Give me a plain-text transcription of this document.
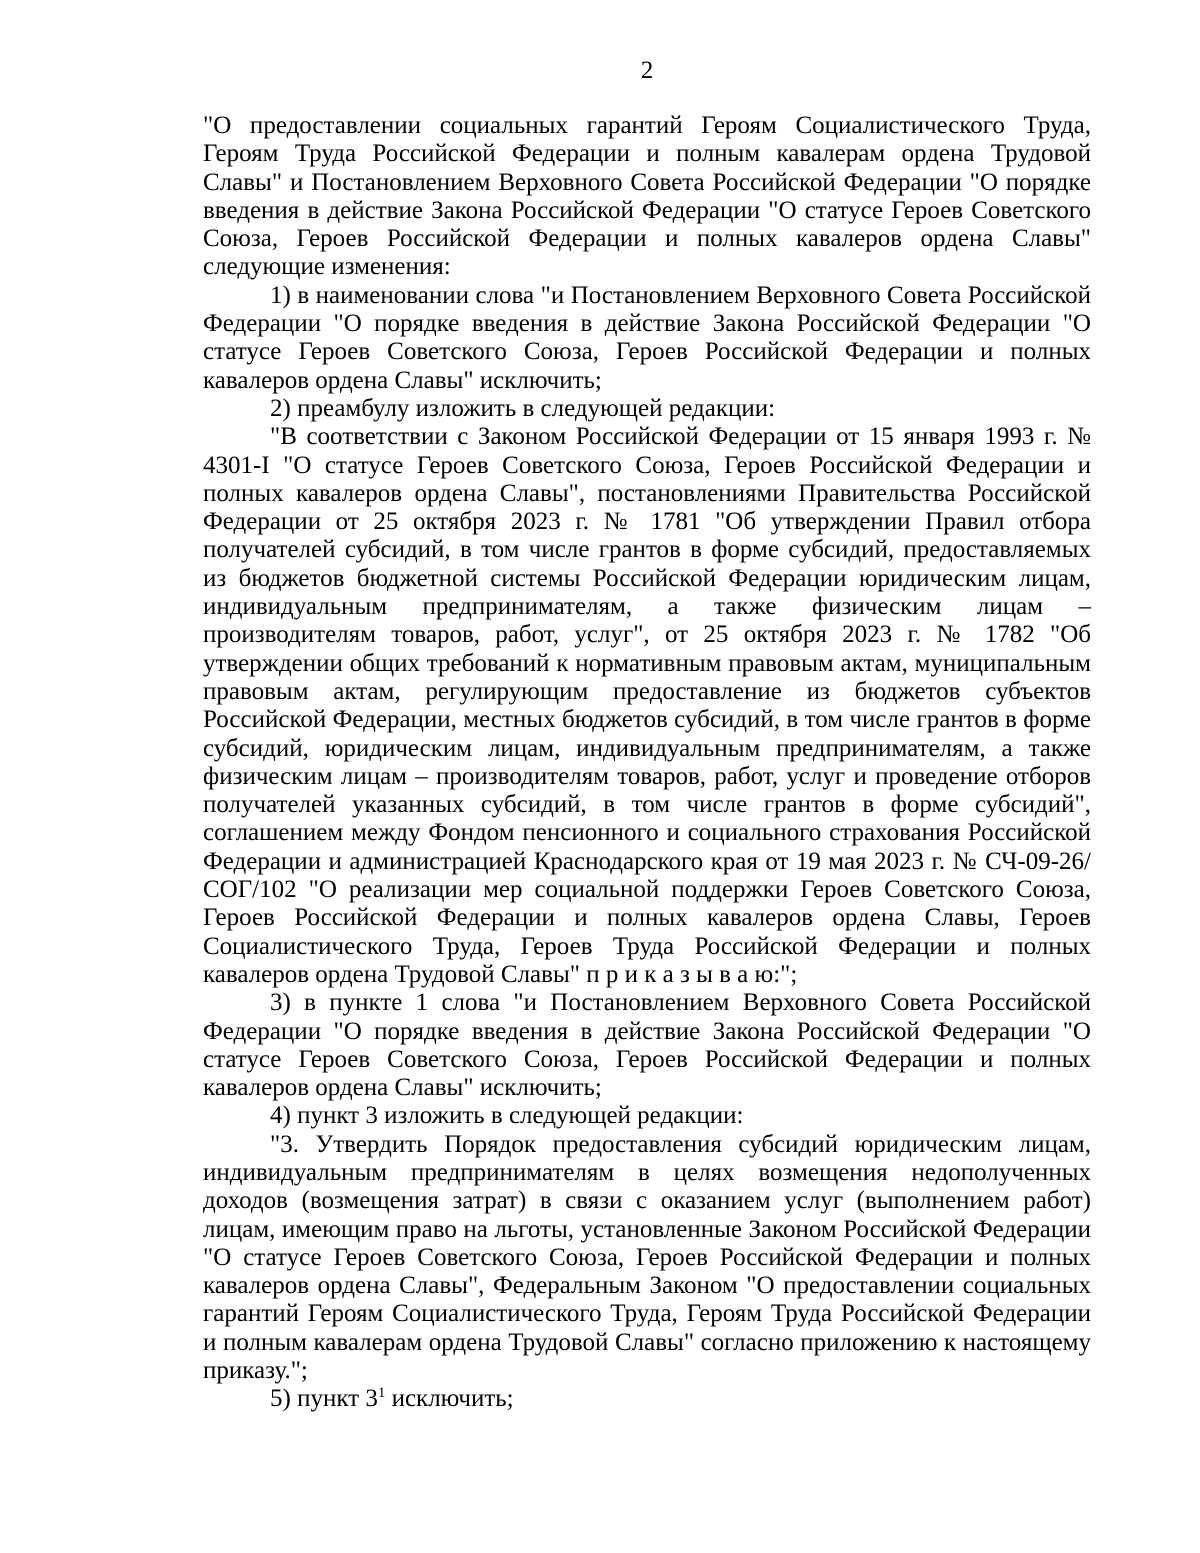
2

"О предоставлении социальных гарантий Героям Социалистического Труда, Героям Труда Российской Федерации и полным кавалерам ордена Трудовой Славы" и Постановлением Верховного Совета Российской Федерации "О порядке введения в действие Закона Российской Федерации "О статусе Героев Советского Союза, Героев Российской Федерации и полных кавалеров ордена Славы" следующие изменения:

1) в наименовании слова "и Постановлением Верховного Совета Российской Федерации "О порядке введения в действие Закона Российской Федерации "О статусе Героев Советского Союза, Героев Российской Федерации и полных кавалеров ордена Славы" исключить;

2) преамбулу изложить в следующей редакции:

"В соответствии с Законом Российской Федерации от 15 января 1993 г. № 4301-I "О статусе Героев Советского Союза, Героев Российской Федерации и полных кавалеров ордена Славы", постановлениями Правительства Российской Федерации от 25 октября 2023 г. № 1781 "Об утверждении Правил отбора получателей субсидий, в том числе грантов в форме субсидий, предоставляемых из бюджетов бюджетной системы Российской Федерации юридическим лицам, индивидуальным предпринимателям, а также физическим лицам – производителям товаров, работ, услуг", от 25 октября 2023 г. № 1782 "Об утверждении общих требований к нормативным правовым актам, муниципальным правовым актам, регулирующим предоставление из бюджетов субъектов Российской Федерации, местных бюджетов субсидий, в том числе грантов в форме субсидий, юридическим лицам, индивидуальным предпринимателям, а также физическим лицам – производителям товаров, работ, услуг и проведение отборов получателей указанных субсидий, в том числе грантов в форме субсидий", соглашением между Фондом пенсионного и социального страхования Российской Федерации и администрацией Краснодарского края от 19 мая 2023 г. № СЧ-09-26/СОГ/102 "О реализации мер социальной поддержки Героев Советского Союза, Героев Российской Федерации и полных кавалеров ордена Славы, Героев Социалистического Труда, Героев Труда Российской Федерации и полных кавалеров ордена Трудовой Славы" п р и к а з ы в а ю:";

3) в пункте 1 слова "и Постановлением Верховного Совета Российской Федерации "О порядке введения в действие Закона Российской Федерации "О статусе Героев Советского Союза, Героев Российской Федерации и полных кавалеров ордена Славы" исключить;

4) пункт 3 изложить в следующей редакции:

"3. Утвердить Порядок предоставления субсидий юридическим лицам, индивидуальным предпринимателям в целях возмещения недополученных доходов (возмещения затрат) в связи с оказанием услуг (выполнением работ) лицам, имеющим право на льготы, установленные Законом Российской Федерации "О статусе Героев Советского Союза, Героев Российской Федерации и полных кавалеров ордена Славы", Федеральным Законом "О предоставлении социальных гарантий Героям Социалистического Труда, Героям Труда Российской Федерации и полным кавалерам ордена Трудовой Славы" согласно приложению к настоящему приказу.";

5) пункт $3^1$ исключить;
